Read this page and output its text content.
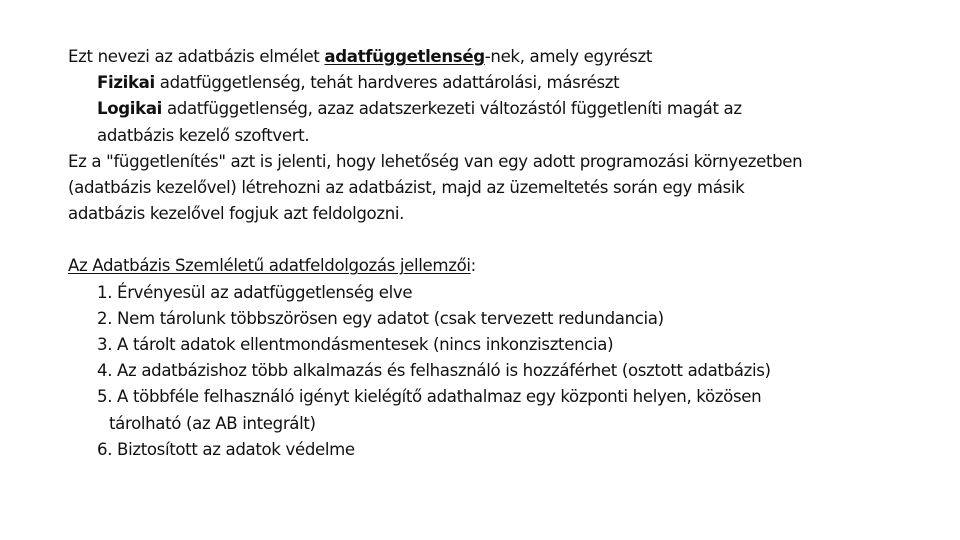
Ezt nevezi az adatbázis elmélet adatfüggetlenség-nek, amely egyrészt
Fizikai adatfüggetlenség, tehát hardveres adattárolási, másrészt
Logikai adatfüggetlenség, azaz adatszerkezeti változástól függetleníti magát az
adatbázis kezelő szoftvert.
Ez a "függetlenítés" azt is jelenti, hogy lehetőség van egy adott programozási környezetben
(adatbázis kezelővel) létrehozni az adatbázist, majd az üzemeltetés során egy másik
adatbázis kezelővel fogjuk azt feldolgozni.
Az Adatbázis Szemléletű adatfeldolgozás jellemzői:
1. Érvényesül az adatfüggetlenség elve
2. Nem tárolunk többszörösen egy adatot (csak tervezett redundancia)
3. A tárolt adatok ellentmondásmentesek (nincs inkonzisztencia)
4. Az adatbázishoz több alkalmazás és felhasználó is hozzáférhet (osztott adatbázis)
5. A többféle felhasználó igényt kielégítő adathalmaz egy központi helyen, közösen
tárolható (az AB integrált)
6. Biztosított az adatok védelme
